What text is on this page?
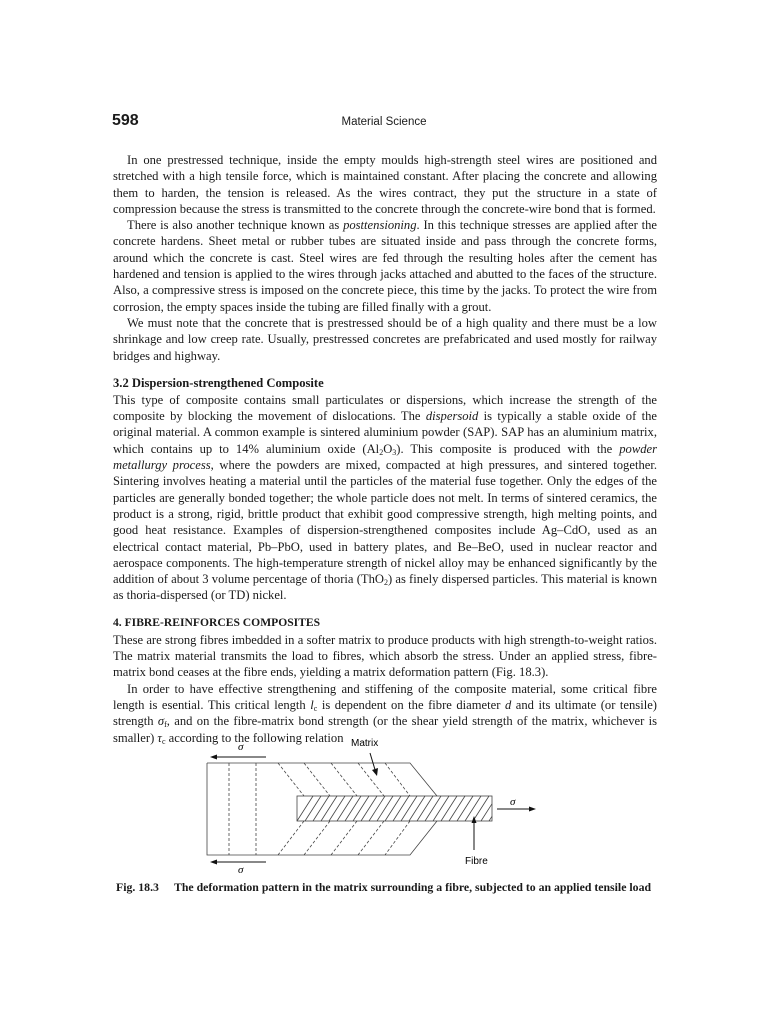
598	Material Science

In one prestressed technique, inside the empty moulds high-strength steel wires are positioned and stretched with a high tensile force, which is maintained constant. After placing the concrete and allowing them to harden, the tension is released. As the wires contract, they put the structure in a state of compression because the stress is transmitted to the concrete through the concrete-wire bond that is formed.

There is also another technique known as posttensioning. In this technique stresses are applied after the concrete hardens. Sheet metal or rubber tubes are situated inside and pass through the concrete forms, around which the concrete is cast. Steel wires are fed through the resulting holes after the cement has hardened and tension is applied to the wires through jacks attached and abutted to the faces of the structure. Also, a compressive stress is imposed on the concrete piece, this time by the jacks. To protect the wire from corrosion, the empty spaces inside the tubing are filled finally with a grout.

We must note that the concrete that is prestressed should be of a high quality and there must be a low shrinkage and low creep rate. Usually, prestressed concretes are prefabricated and used mostly for railway bridges and highway.

3.2 Dispersion-strengthened Composite

This type of composite contains small particulates or dispersions, which increase the strength of the composite by blocking the movement of dislocations. The dispersoid is typically a stable oxide of the original material. A common example is sintered aluminium powder (SAP). SAP has an aluminium matrix, which contains up to 14% aluminium oxide $(Al_2O_3)$. This composite is produced with the powder metallurgy process, where the powders are mixed, compacted at high pressures, and sintered together. Sintering involves heating a material until the particles of the material fuse together. Only the edges of the particles are generally bonded together; the whole particle does not melt. In terms of sintered ceramics, the product is a strong, rigid, brittle product that exhibit good compressive strength, high melting points, and good heat resistance. Examples of dispersion-strengthened composites include Ag–CdO, used as an electrical contact material, Pb–PbO, used in battery plates, and Be–BeO, used in nuclear reactor and aerospace components. The high-temperature strength of nickel alloy may be enhanced significantly by the addition of about 3 volume percentage of thoria (ThO$_2$) as finely dispersed particles. This material is known as thoria-dispersed (or TD) nickel.

4. FIBRE-REINFORCES COMPOSITES

These are strong fibres imbedded in a softer matrix to produce products with high strength-to-weight ratios. The matrix material transmits the load to fibres, which absorb the stress. Under an applied stress, fibre-matrix bond ceases at the fibre ends, yielding a matrix deformation pattern (Fig. 18.3).

In order to have effective strengthening and stiffening of the composite material, some critical fibre length is esential. This critical length $l_c$ is dependent on the fibre diameter d and its ultimate (or tensile) strength $\sigma_f$, and on the fibre-matrix bond strength (or the shear yield strength of the matrix, whichever is smaller) $\tau_c$ according to the following relation Matrix
Fibre
σ
σ
σ
Fig. 18.3	The deformation pattern in the matrix surrounding a fibre, subjected to an applied tensile load
